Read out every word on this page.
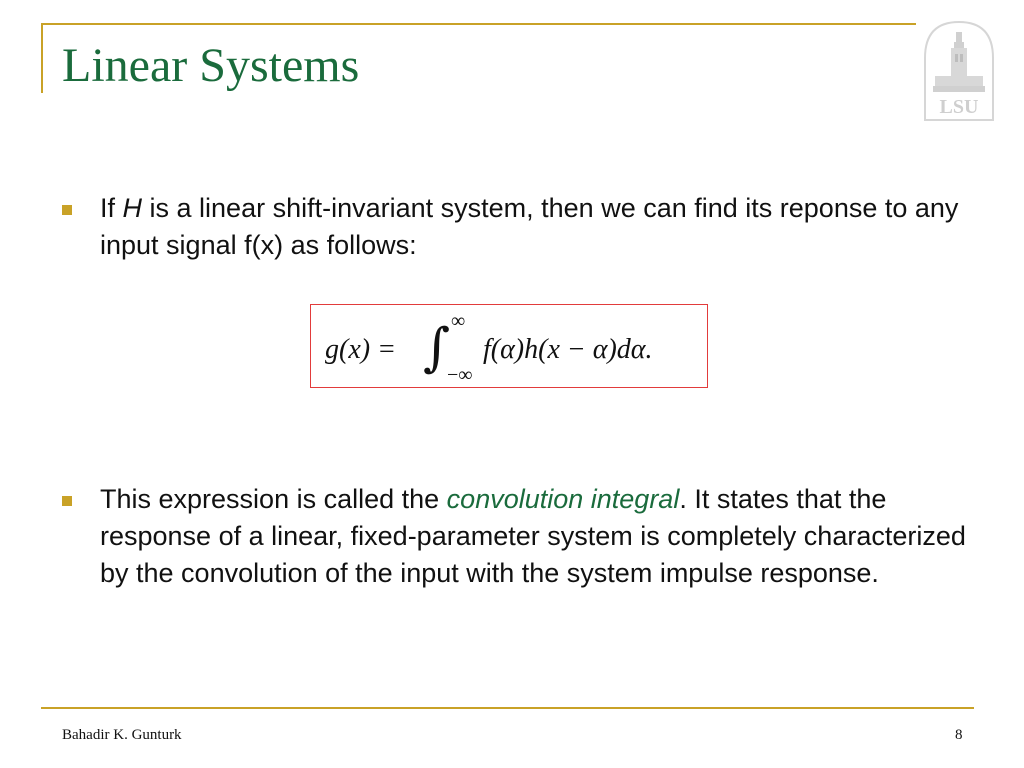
Linear Systems
LSU
If H is a linear shift-invariant system, then we can find its reponse to any input signal f(x) as follows:
g(x) = ∫ ∞
−∞
f(α)h(x − α)dα.
This expression is called the convolution integral. It states that the response of a linear, fixed-parameter system is completely characterized by the convolution of the input with the system impulse response.
Bahadir K. Gunturk	8
